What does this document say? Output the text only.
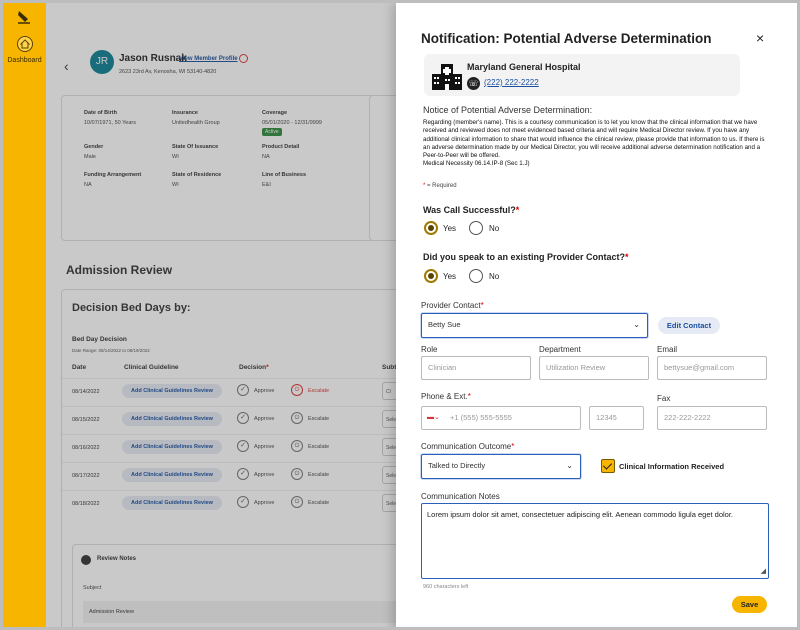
Dashboard	‹	JR	Jason Rusnak
View Member Profile
2623 23rd Av, Kenosha, WI 53140-4820
Date of Birth
10/07/1971, 50 Years
Insurance
Unitedhealth Group
Coverage
05/01/2020 - 12/31/9999
Active
Gender
Male
State Of Issuance
WI
Product Detail
NA
Funding Arrangement
NA
State of Residence
WI
Line of Business
E&I
Admission Review
Decision Bed Days by:
Bed Day Decision
Date Range: 08/14/2022 to 08/19/2022
Date	Clinical Guideline	Decision*	Subt
08/14/2022	Add Clinical Guidelines Review	✓	Approve	⏻	Escalate	Cl
08/15/2022	Add Clinical Guidelines Review	✓	Approve	⏻	Escalate	Sele
08/16/2022	Add Clinical Guidelines Review	✓	Approve	⏻	Escalate	Sele
08/17/2022	Add Clinical Guidelines Review	✓	Approve	⏻	Escalate	Sele
08/18/2022	Add Clinical Guidelines Review	✓	Approve	⏻	Escalate	Sele
Review Notes
Subject
Admission Review
Notification: Potential Adverse Determination	×
Maryland General Hospital
☏ (222) 222-2222
Notice of Potential Adverse Determination:
Regarding (member's name). This is a courtesy communication is to let you know that the clinical information that we have received and reviewed does not meet evidenced based criteria and will require Medical Director review. If you have any additional clinical information to share that would influence the clinical review, please provide that information to us. If there is an adverse determination made by our Medical Director, you will receive additional adverse determination notification and a Peer-to-Peer will be offered.
Medical Necessity 06.14.IP-8 (Sec 1.J)
* = Required
Was Call Successful?*
Yes	No
Did you speak to an existing Provider Contact?*
Yes	No
Provider Contact*
Betty Sue	⌄	Edit Contact
Role
Clinician
Department
Utilization Review
Email
bettysue@gmail.com
Phone & Ext.*
▬⌄ +1 (555) 555-5555	12345
Fax
222-222-2222
Communication Outcome*
Talked to Directly	⌄	Clinical Information Received
Communication Notes
Lorem ipsum dolor sit amet, consectetuer adipiscing elit. Aenean commodo ligula eget dolor.
◢
960 characters left
Save
